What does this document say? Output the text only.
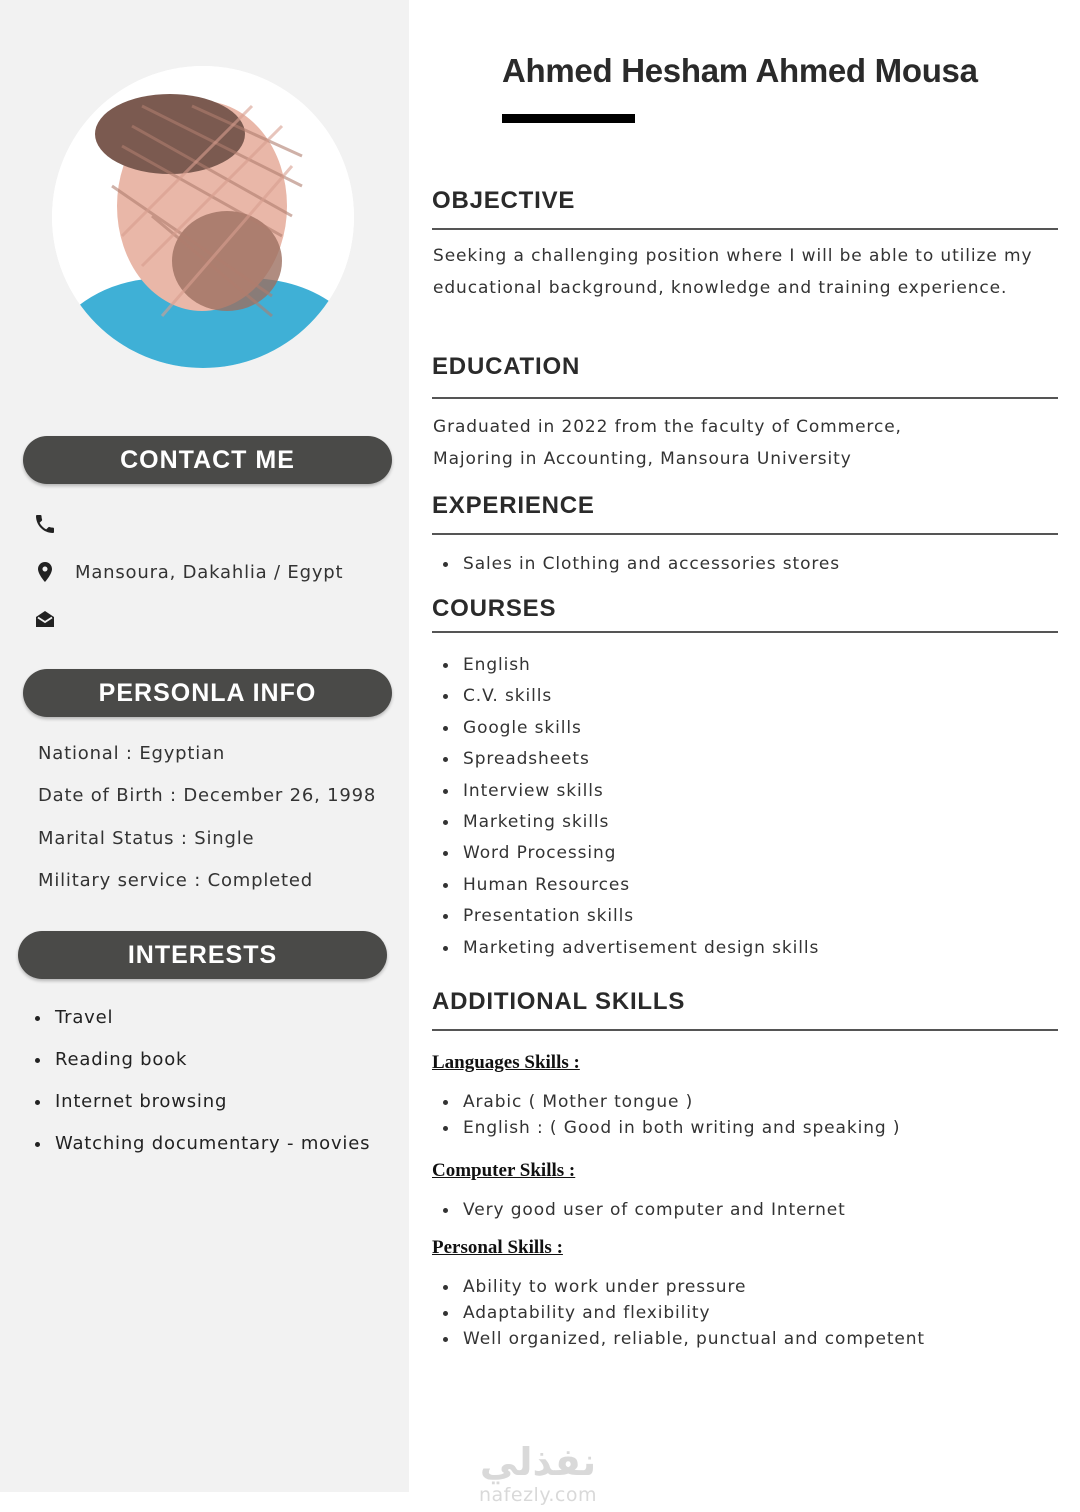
CONTACT ME
Mansoura, Dakahlia / Egypt
PERSONLA INFO
National : Egyptian
Date of Birth : December 26, 1998
Marital Status : Single
Military service : Completed
INTERESTS
Travel
Reading book
Internet browsing
Watching documentary - movies
Ahmed Hesham Ahmed Mousa
OBJECTIVE
Seeking a challenging position where I will be able to utilize my educational background, knowledge and training experience.
EDUCATION
Graduated in 2022 from the faculty of Commerce,
Majoring in Accounting, Mansoura University
EXPERIENCE
Sales in Clothing and accessories stores
COURSES
English
C.V. skills
Google skills
Spreadsheets
Interview skills
Marketing skills
Word Processing
Human Resources
Presentation skills
Marketing advertisement design skills
ADDITIONAL SKILLS
Languages Skills :
Arabic ( Mother tongue )
English : ( Good in both writing and speaking )
Computer Skills :
Very good user of computer and Internet
Personal Skills :
Ability to work under pressure
Adaptability and flexibility
Well organized, reliable, punctual and competent
نفذلي
nafezly.com
